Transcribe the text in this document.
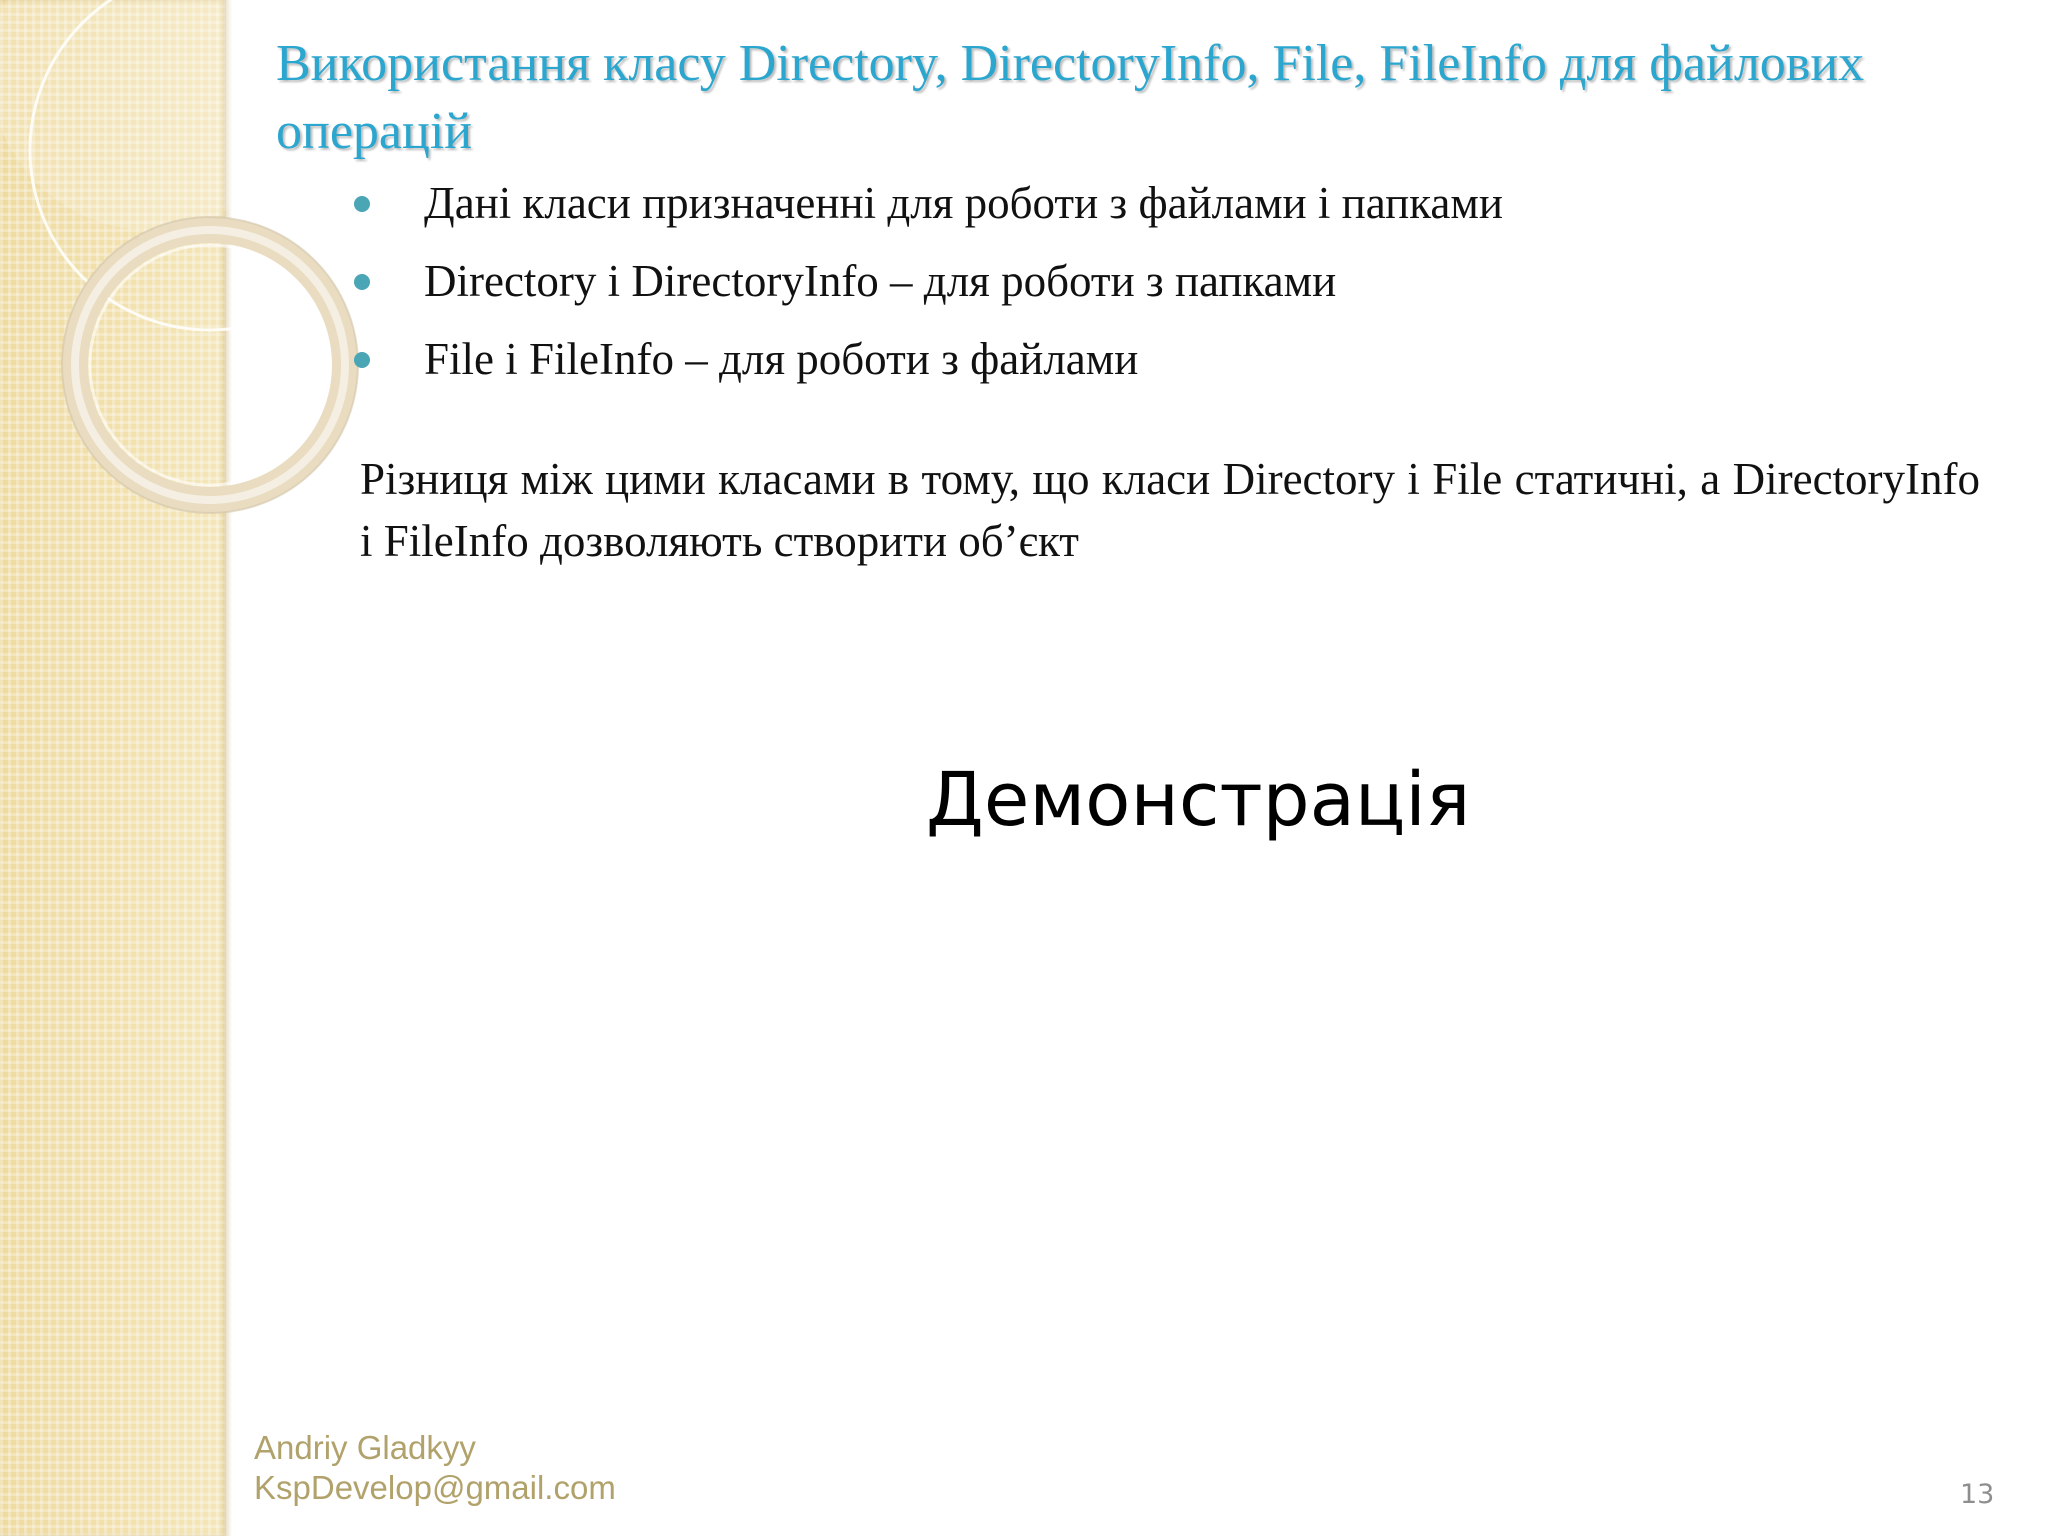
Використання класу Directory, DirectoryInfo, File, FileInfo для файлових операцій
Дані класи призначенні для роботи з файлами і папками
Directory і DirectoryInfo – для роботи з папками
File і FileInfo – для роботи з файлами

Різниця між цими класами в тому, що класи Directory і File статичні, а DirectoryInfo і FileInfo дозволяють створити об’єкт

Демонстрація

Andriy Gladkyy
KspDevelop@gmail.com	13
